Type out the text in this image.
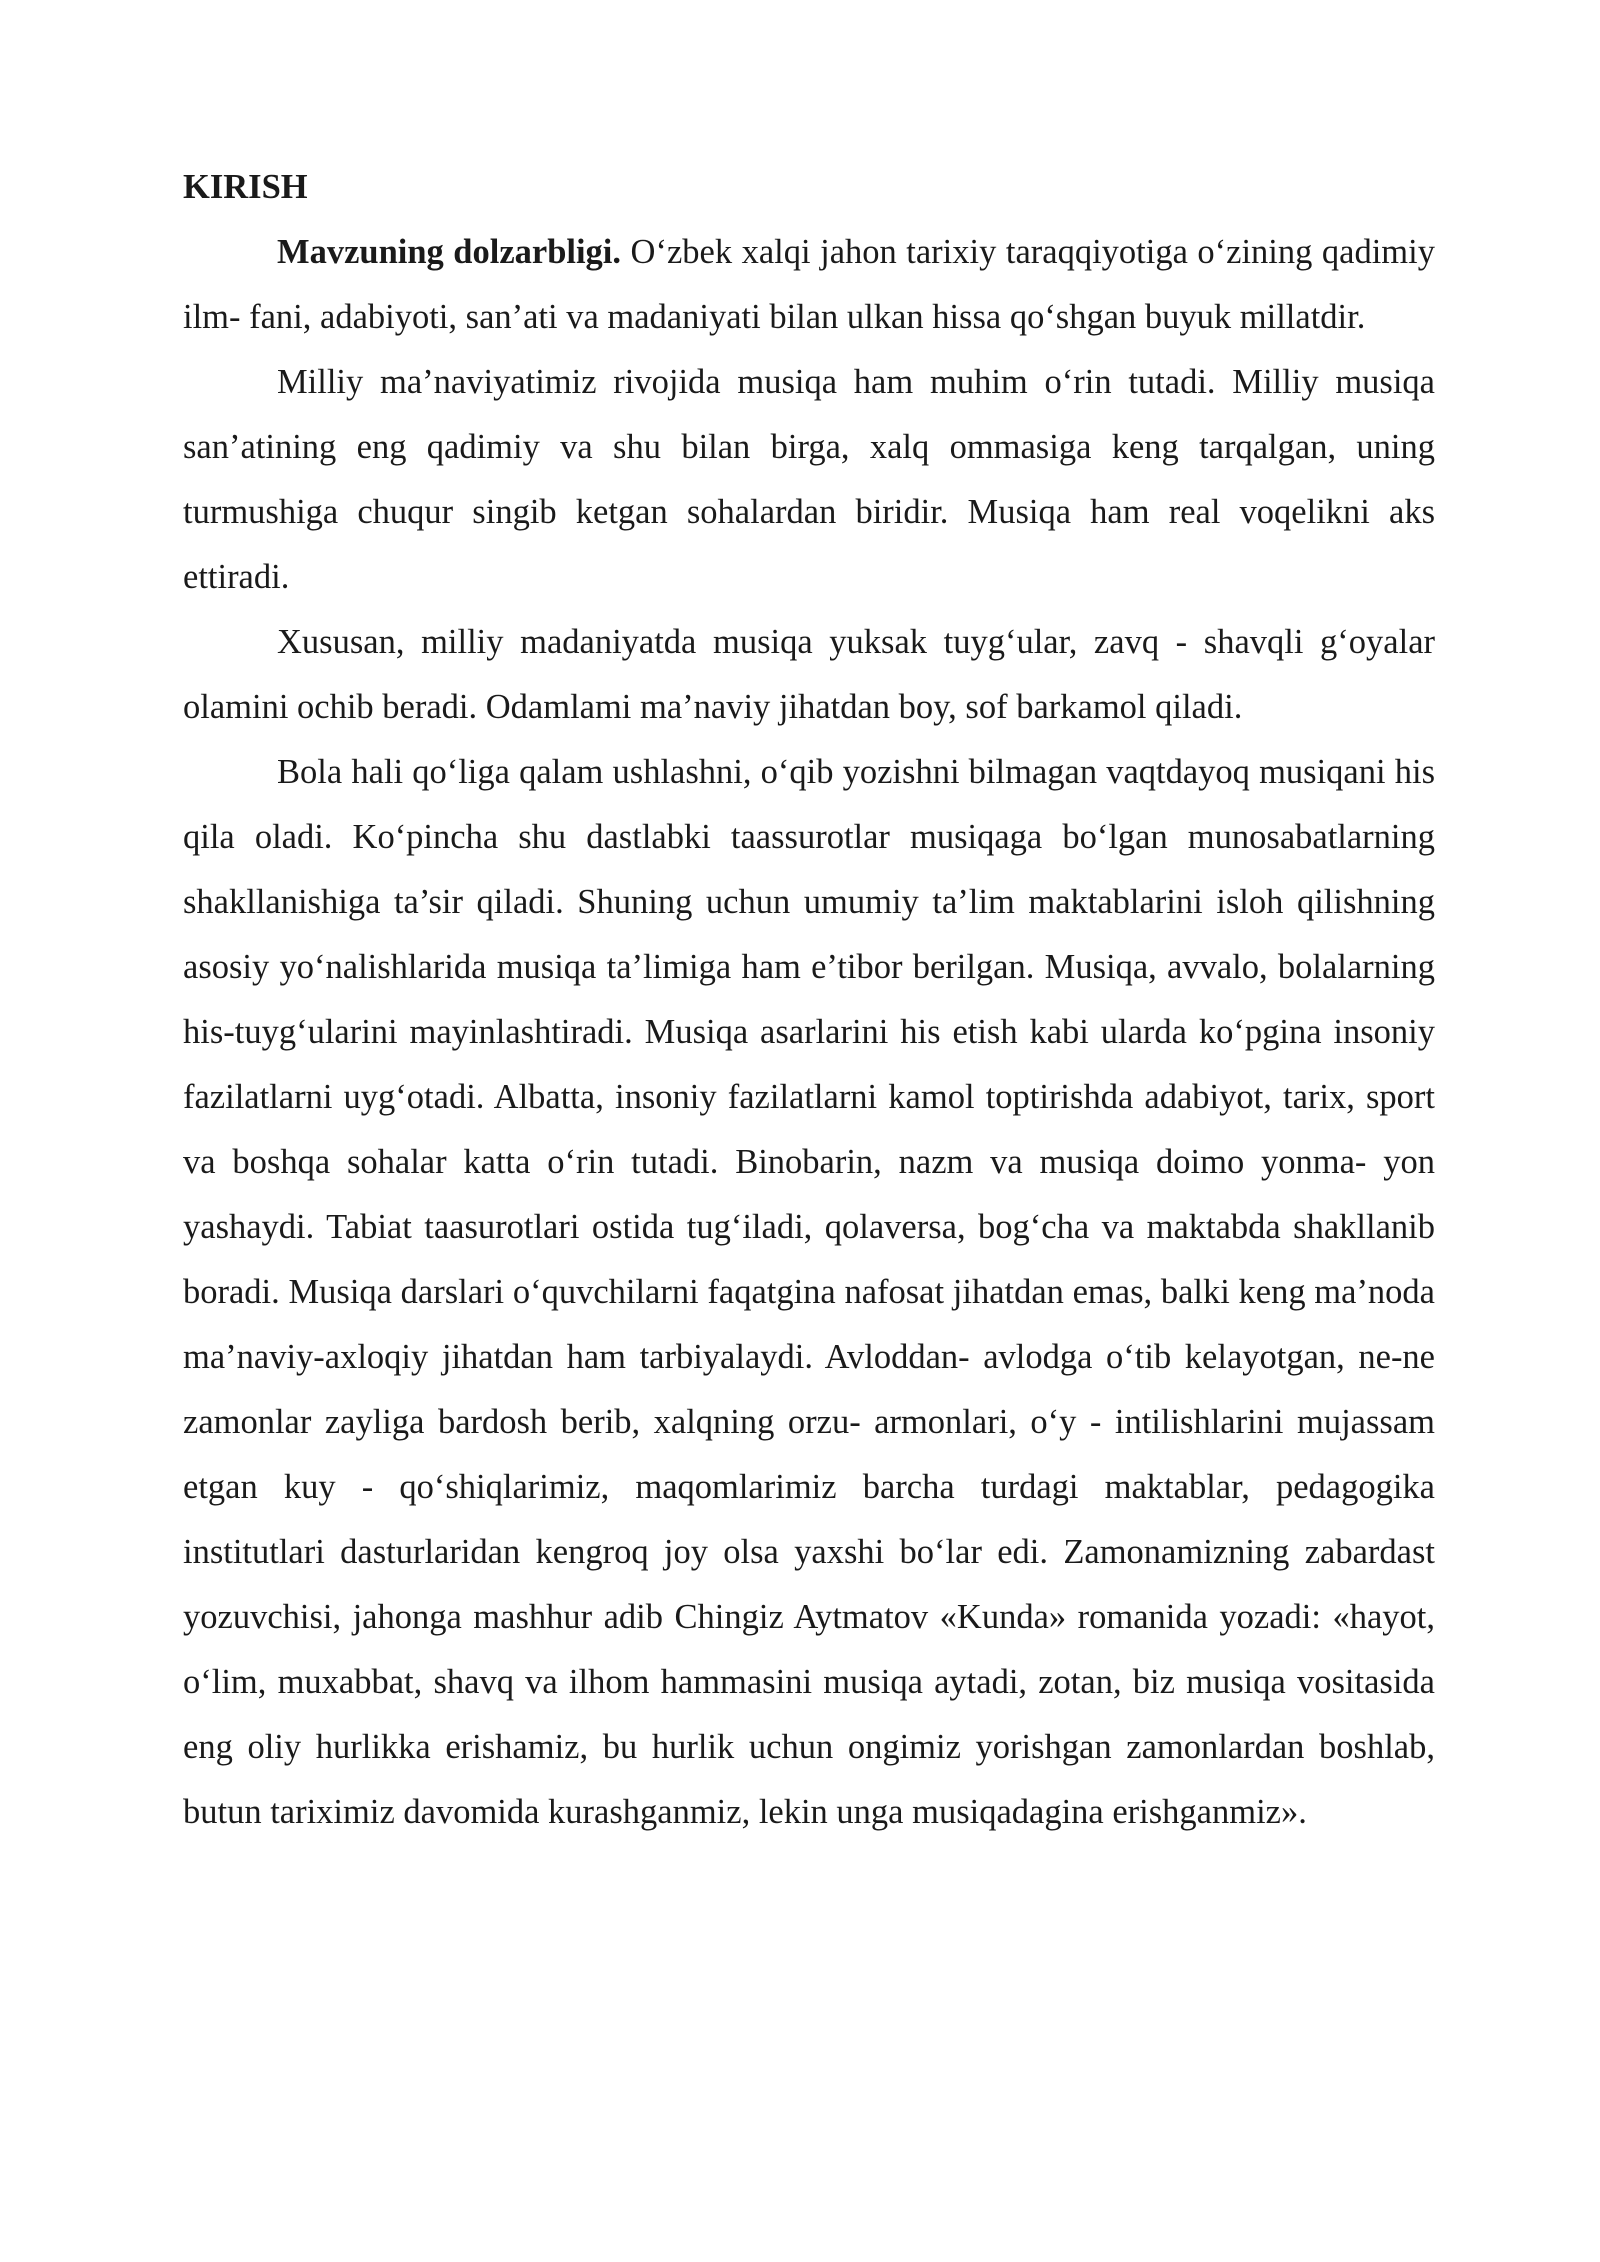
KIRISH

Mavzuning dolzarbligi. O‘zbek xalqi jahon tarixiy taraqqiyotiga o‘zining qadimiy ilm- fani, adabiyoti, san’ati va madaniyati bilan ulkan hissa qo‘shgan buyuk millatdir.

Milliy ma’naviyatimiz rivojida musiqa ham muhim o‘rin tutadi. Milliy musiqa san’atining eng qadimiy va shu bilan birga, xalq ommasiga keng tarqalgan, uning turmushiga chuqur singib ketgan sohalardan biridir. Musiqa ham real voqelikni aks ettiradi.

Xususan, milliy madaniyatda musiqa yuksak tuyg‘ular, zavq - shavqli g‘oyalar olamini ochib beradi. Odamlami ma’naviy jihatdan boy, sof barkamol qiladi.

Bola hali qo‘liga qalam ushlashni, o‘qib yozishni bilmagan vaqtdayoq musiqani his qila oladi. Ko‘pincha shu dastlabki taassurotlar musiqaga bo‘lgan munosabatlarning shakllanishiga ta’sir qiladi. Shuning uchun umumiy ta’lim maktablarini isloh qilishning asosiy yo‘nalishlarida musiqa ta’limiga ham e’tibor berilgan. Musiqa, avvalo, bolalarning his-tuyg‘ularini mayinlashtiradi. Musiqa asarlarini his etish kabi ularda ko‘pgina insoniy fazilatlarni uyg‘otadi. Albatta, insoniy fazilatlarni kamol toptirishda adabiyot, tarix, sport va boshqa sohalar katta o‘rin tutadi. Binobarin, nazm va musiqa doimo yonma- yon yashaydi. Tabiat taasurotlari ostida tug‘iladi, qolaversa, bog‘cha va maktabda shakllanib boradi. Musiqa darslari o‘quvchilarni faqatgina nafosat jihatdan emas, balki keng ma’noda ma’naviy-axloqiy jihatdan ham tarbiyalaydi. Avloddan- avlodga o‘tib kelayotgan, ne-ne zamonlar zayliga bardosh berib, xalqning orzu- armonlari, o‘y - intilishlarini mujassam etgan kuy - qo‘shiqlarimiz, maqomlarimiz barcha turdagi maktablar, pedagogika institutlari dasturlaridan kengroq joy olsa yaxshi bo‘lar edi. Zamonamizning zabardast yozuvchisi, jahonga mashhur adib Chingiz Aytmatov «Kunda» romanida yozadi: «hayot, o‘lim, muxabbat, shavq va ilhom hammasini musiqa aytadi, zotan, biz musiqa vositasida eng oliy hurlikka erishamiz, bu hurlik uchun ongimiz yorishgan zamonlardan boshlab, butun tariximiz davomida kurashganmiz, lekin unga musiqadagina erishganmiz».
